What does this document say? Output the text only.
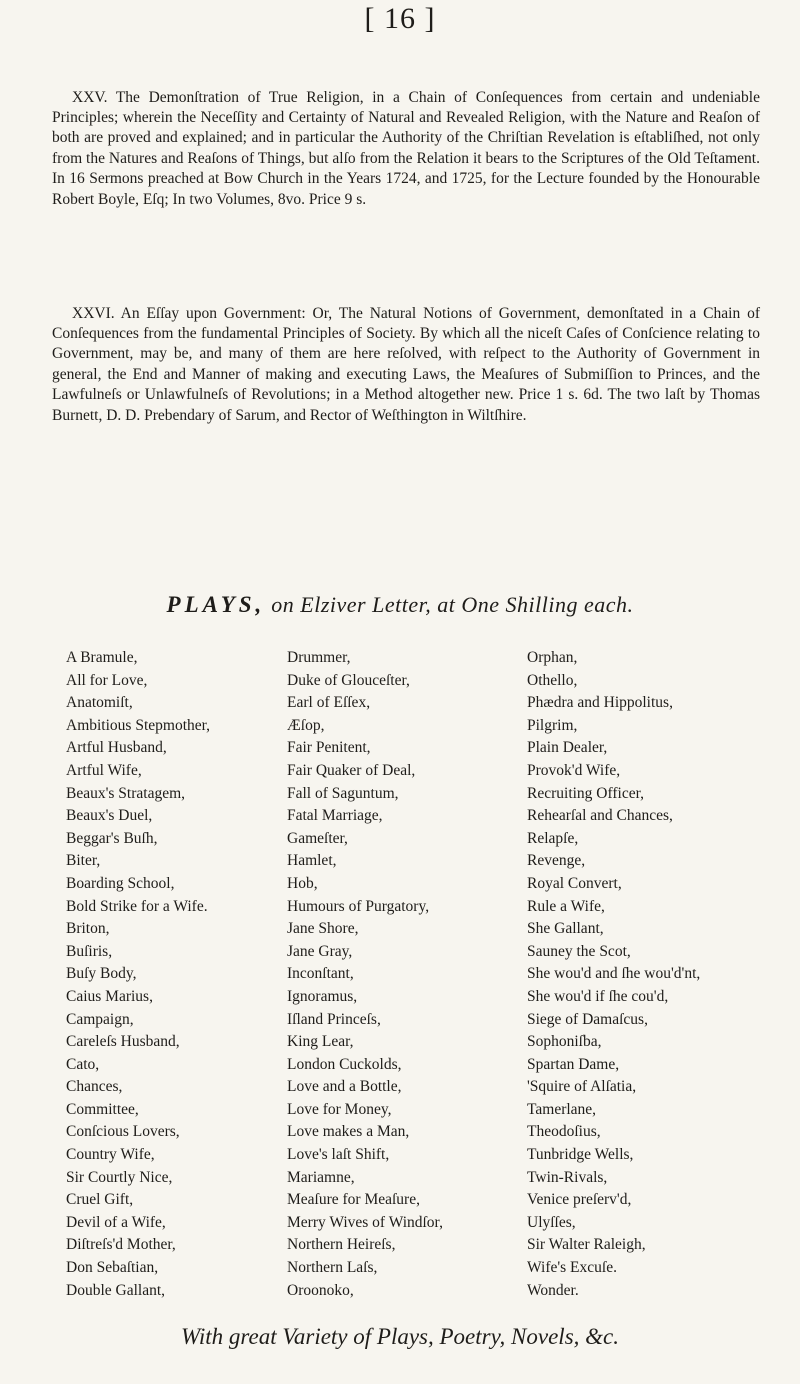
[ 16 ]

XXV. The Demonſtration of True Religion, in a Chain of Conſequences from certain and undeniable Principles; wherein the Neceſſity and Certainty of Natural and Revealed Religion, with the Nature and Reaſon of both are proved and explained; and in particular the Authority of the Chriſtian Revelation is eſtabliſhed, not only from the Natures and Reaſons of Things, but alſo from the Relation it bears to the Scriptures of the Old Teſtament. In 16 Sermons preached at Bow Church in the Years 1724, and 1725, for the Lecture founded by the Honourable Robert Boyle, Eſq; In two Volumes, 8vo. Price 9 s.

XXVI. An Eſſay upon Government: Or, The Natural Notions of Government, demonſtated in a Chain of Conſequences from the fundamental Principles of Society. By which all the niceſt Caſes of Conſcience relating to Government, may be, and many of them are here reſolved, with reſpect to the Authority of Government in general, the End and Manner of making and executing Laws, the Meaſures of Submiſſion to Princes, and the Lawfulneſs or Unlawfulneſs of Revolutions; in a Method altogether new. Price 1 s. 6d. The two laſt by Thomas Burnett, D. D. Prebendary of Sarum, and Rector of Weſthington in Wiltſhire.

PLAYS, on Elziver Letter, at One Shilling each.
A Bramule,
All for Love,
Anatomiſt,
Ambitious Stepmother,
Artful Husband,
Artful Wife,
Beaux's Stratagem,
Beaux's Duel,
Beggar's Buſh,
Biter,
Boarding School,
Bold Strike for a Wife.
Briton,
Buſiris,
Buſy Body,
Caius Marius,
Campaign,
Careleſs Husband,
Cato,
Chances,
Committee,
Conſcious Lovers,
Country Wife,
Sir Courtly Nice,
Cruel Gift,
Devil of a Wife,
Diſtreſs'd Mother,
Don Sebaſtian,
Double Gallant,
Drummer,
Duke of Glouceſter,
Earl of Eſſex,
Æſop,
Fair Penitent,
Fair Quaker of Deal,
Fall of Saguntum,
Fatal Marriage,
Gameſter,
Hamlet,
Hob,
Humours of Purgatory,
Jane Shore,
Jane Gray,
Inconſtant,
Ignoramus,
Iſland Princeſs,
King Lear,
London Cuckolds,
Love and a Bottle,
Love for Money,
Love makes a Man,
Love's laſt Shift,
Mariamne,
Meaſure for Meaſure,
Merry Wives of Windſor,
Northern Heireſs,
Northern Laſs,
Oroonoko,
Orphan,
Othello,
Phædra and Hippolitus,
Pilgrim,
Plain Dealer,
Provok'd Wife,
Recruiting Officer,
Rehearſal and Chances,
Relapſe,
Revenge,
Royal Convert,
Rule a Wife,
She Gallant,
Sauney the Scot,
She wou'd and ſhe wou'd'nt,
She wou'd if ſhe cou'd,
Siege of Damaſcus,
Sophoniſba,
Spartan Dame,
'Squire of Alſatia,
Tamerlane,
Theodoſius,
Tunbridge Wells,
Twin-Rivals,
Venice preſerv'd,
Ulyſſes,
Sir Walter Raleigh,
Wife's Excuſe.
Wonder.
With great Variety of Plays, Poetry, Novels, &c.
